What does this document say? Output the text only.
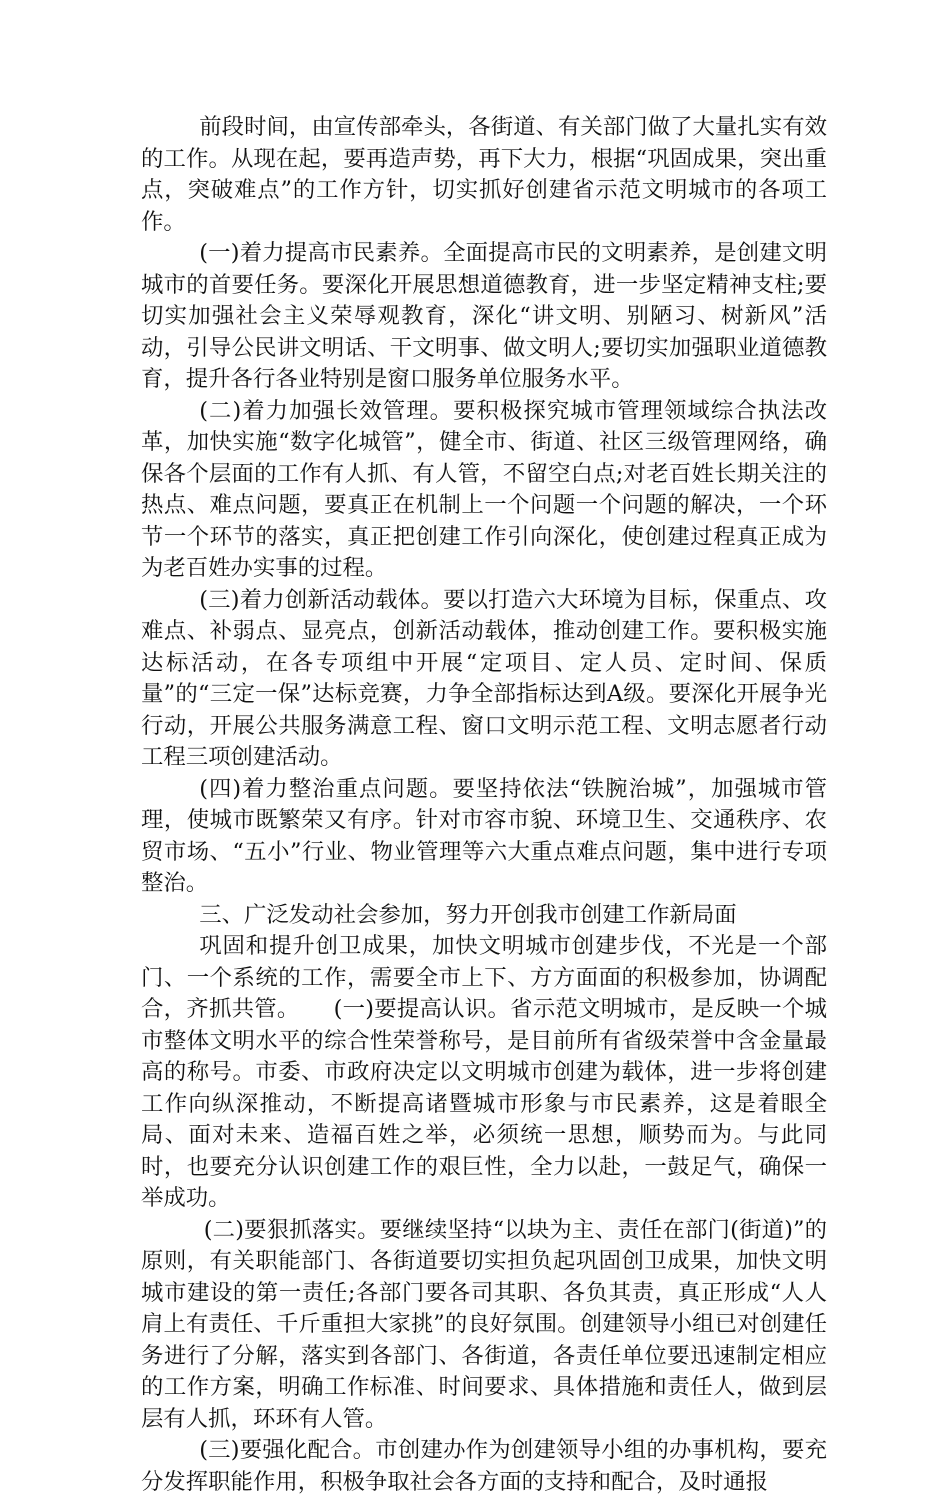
前段时间，由宣传部牵头，各街道、有关部门做了大量扎实有效的工作。从现在起，要再造声势，再下大力，根据“巩固成果，突出重点，突破难点”的工作方针，切实抓好创建省示范文明城市的各项工作。

(一)着力提高市民素养。全面提高市民的文明素养，是创建文明城市的首要任务。要深化开展思想道德教育，进一步坚定精神支柱;要切实加强社会主义荣辱观教育，深化“讲文明、别陋习、树新风”活动，引导公民讲文明话、干文明事、做文明人;要切实加强职业道德教育，提升各行各业特别是窗口服务单位服务水平。

(二)着力加强长效管理。要积极探究城市管理领域综合执法改革，加快实施“数字化城管”，健全市、街道、社区三级管理网络，确保各个层面的工作有人抓、有人管，不留空白点;对老百姓长期关注的热点、难点问题，要真正在机制上一个问题一个问题的解决，一个环节一个环节的落实，真正把创建工作引向深化，使创建过程真正成为为老百姓办实事的过程。

(三)着力创新活动载体。要以打造六大环境为目标，保重点、攻难点、补弱点、显亮点，创新活动载体，推动创建工作。要积极实施达标活动，在各专项组中开展“定项目、定人员、定时间、保质量”的“三定一保”达标竞赛，力争全部指标达到A级。要深化开展争光行动，开展公共服务满意工程、窗口文明示范工程、文明志愿者行动工程三项创建活动。

(四)着力整治重点问题。要坚持依法“铁腕治城”，加强城市管理，使城市既繁荣又有序。针对市容市貌、环境卫生、交通秩序、农贸市场、“五小”行业、物业管理等六大重点难点问题，集中进行专项整治。

三、广泛发动社会参加，努力开创我市创建工作新局面

巩固和提升创卫成果，加快文明城市创建步伐，不光是一个部门、一个系统的工作，需要全市上下、方方面面的积极参加，协调配合，齐抓共管。　　(一)要提高认识。省示范文明城市，是反映一个城市整体文明水平的综合性荣誉称号，是目前所有省级荣誉中含金量最高的称号。市委、市政府决定以文明城市创建为载体，进一步将创建工作向纵深推动，不断提高诸暨城市形象与市民素养，这是着眼全局、面对未来、造福百姓之举，必须统一思想，顺势而为。与此同时，也要充分认识创建工作的艰巨性，全力以赴，一鼓足气，确保一举成功。

(二)要狠抓落实。要继续坚持“以块为主、责任在部门(街道)”的原则，有关职能部门、各街道要切实担负起巩固创卫成果，加快文明城市建设的第一责任;各部门要各司其职、各负其责，真正形成“人人肩上有责任、千斤重担大家挑”的良好氛围。创建领导小组已对创建任务进行了分解，落实到各部门、各街道，各责任单位要迅速制定相应的工作方案，明确工作标准、时间要求、具体措施和责任人，做到层层有人抓，环环有人管。

(三)要强化配合。市创建办作为创建领导小组的办事机构，要充分发挥职能作用，积极争取社会各方面的支持和配合，及时通报
